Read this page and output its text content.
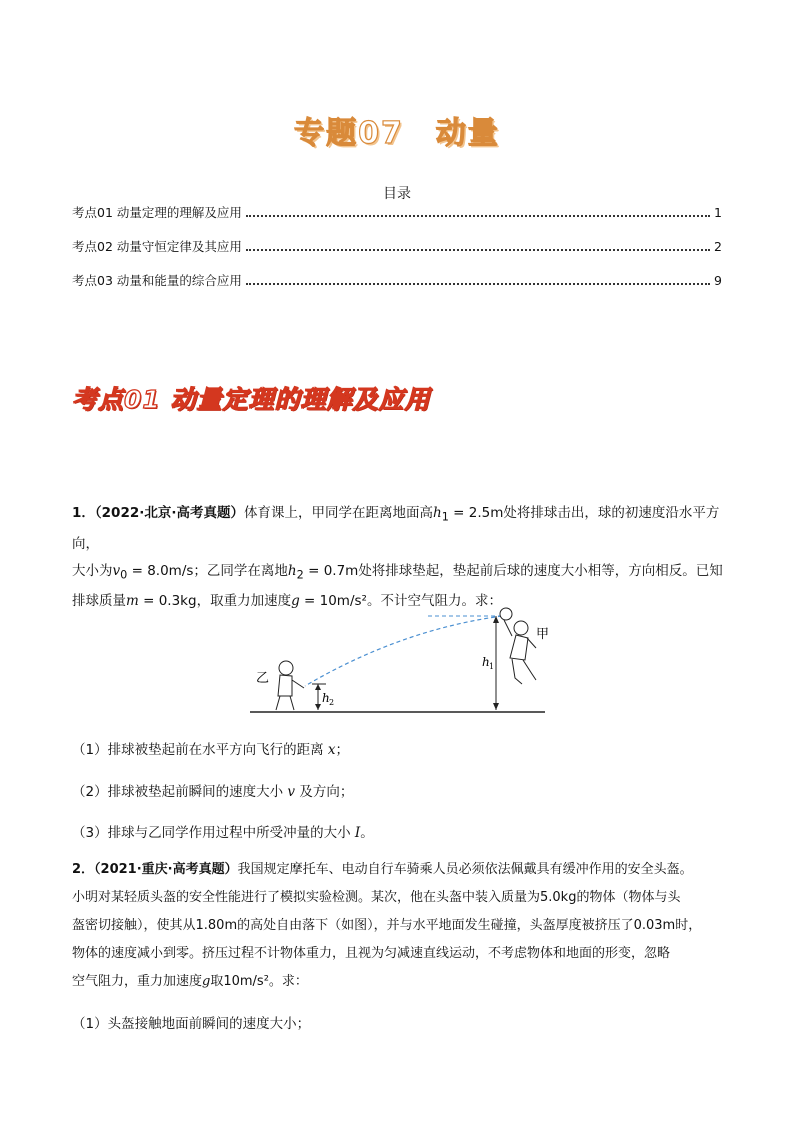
专题07　动量
目录
考点01 动量定理的理解及应用	1
考点02 动量守恒定律及其应用	2
考点03 动量和能量的综合应用	9
考点01 动量定理的理解及应用
1．（2022·北京·高考真题）体育课上，甲同学在距离地面高$h_1 = 2.5m$处将排球击出，球的初速度沿水平方向，
大小为$v_0 = 8.0m/s$；乙同学在离地$h_2 = 0.7m$处将排球垫起，垫起前后球的速度大小相等，方向相反。已知
排球质量m = 0.3kg，取重力加速度g = 10m/s²。不计空气阻力。求：
h 1
h 2
甲
乙
（1）排球被垫起前在水平方向飞行的距离 x；
（2）排球被垫起前瞬间的速度大小 v 及方向；
（3）排球与乙同学作用过程中所受冲量的大小 I。
2．（2021·重庆·高考真题）我国规定摩托车、电动自行车骑乘人员必须依法佩戴具有缓冲作用的安全头盔。
小明对某轻质头盔的安全性能进行了模拟实验检测。某次，他在头盔中装入质量为5.0kg的物体（物体与头
盔密切接触），使其从1.80m的高处自由落下（如图），并与水平地面发生碰撞，头盔厚度被挤压了0.03m时，
物体的速度减小到零。挤压过程不计物体重力，且视为匀减速直线运动，不考虑物体和地面的形变，忽略
空气阻力，重力加速度g取10m/s²。求：
（1）头盔接触地面前瞬间的速度大小；
